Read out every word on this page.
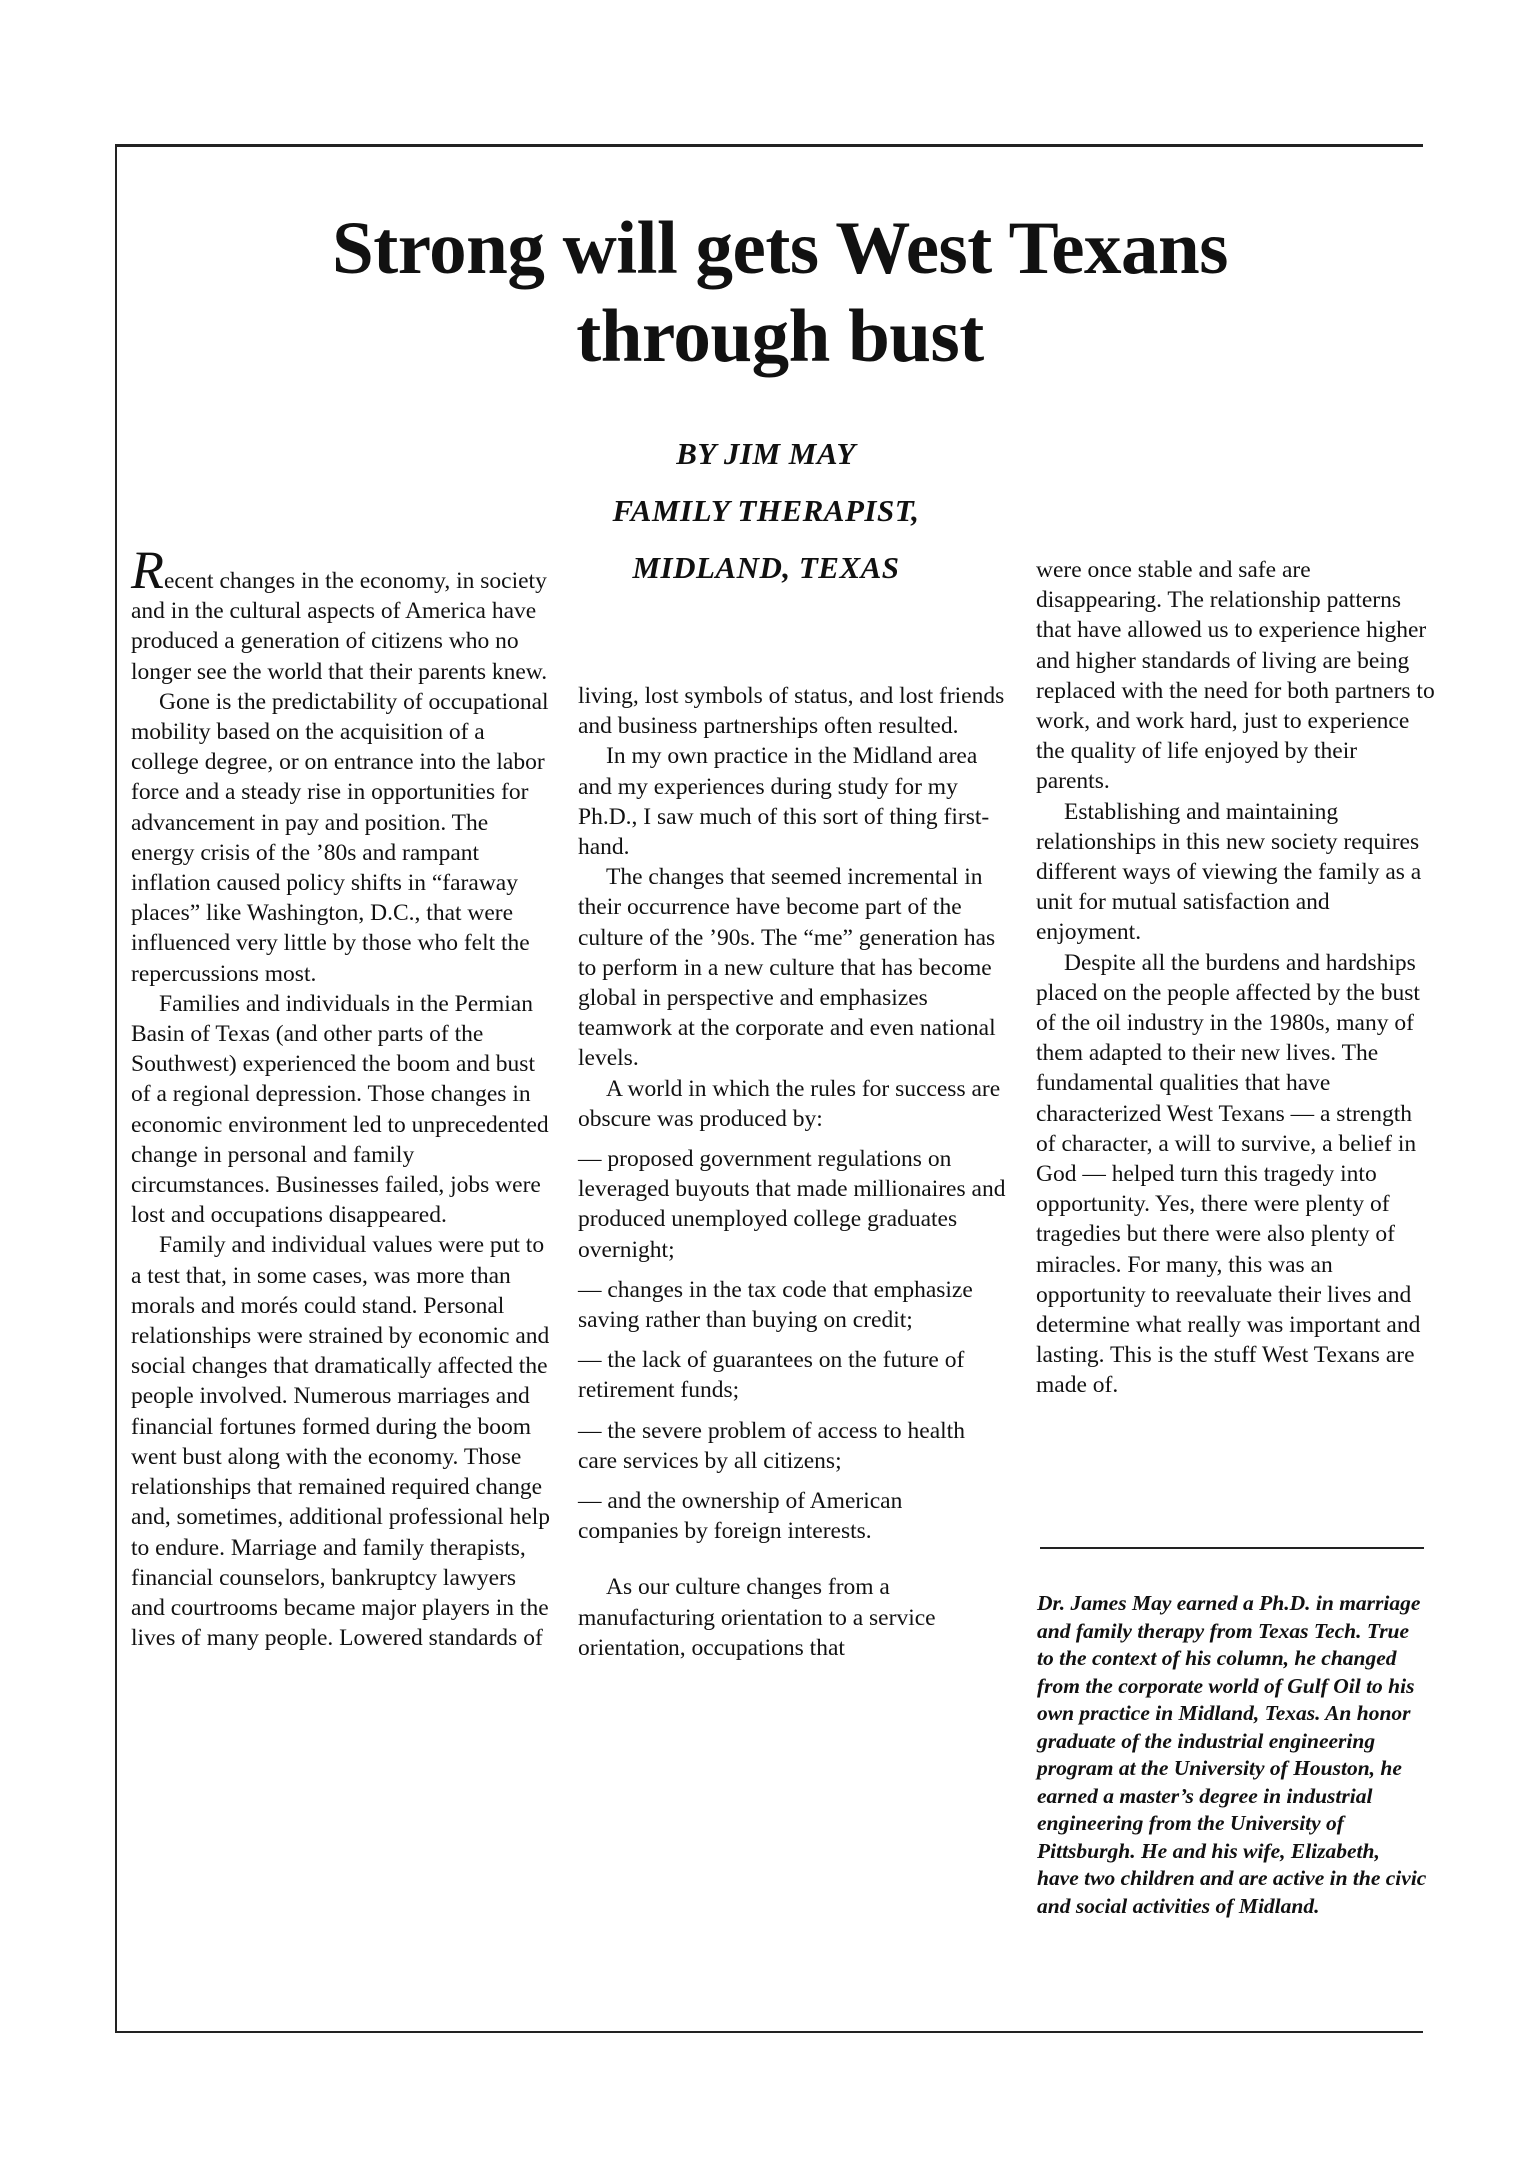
Strong will gets West Texans
through bust
BY JIM MAY
FAMILY THERAPIST,
MIDLAND, TEXAS

Recent changes in the economy, in society and in the cultural aspects of America have produced a generation of citizens who no longer see the world that their parents knew.

Gone is the predictability of occupational mobility based on the acquisition of a college degree, or on entrance into the labor force and a steady rise in opportunities for advancement in pay and position. The energy crisis of the ’80s and rampant inflation caused policy shifts in “faraway places” like Washington, D.C., that were influenced very little by those who felt the repercussions most.

Families and individuals in the Permian Basin of Texas (and other parts of the Southwest) experienced the boom and bust of a regional depression. Those changes in economic environment led to unprecedented change in personal and family circumstances. Businesses failed, jobs were lost and occupations disappeared.

Family and individual values were put to a test that, in some cases, was more than morals and morés could stand. Personal relationships were strained by economic and social changes that dramatically affected the people involved. Numerous marriages and financial fortunes formed during the boom went bust along with the economy. Those relationships that remained required change and, sometimes, additional professional help to endure. Marriage and family therapists, financial counselors, bankruptcy lawyers and courtrooms became major players in the lives of many people. Lowered standards of

living, lost symbols of status, and lost friends and business partnerships often resulted.

In my own practice in the Midland area and my experiences during study for my Ph.D., I saw much of this sort of thing first-hand.

The changes that seemed incremental in their occurrence have become part of the culture of the ’90s. The “me” generation has to perform in a new culture that has become global in perspective and emphasizes teamwork at the corporate and even national levels.

A world in which the rules for success are obscure was produced by:

— proposed government regulations on leveraged buyouts that made millionaires and produced unemployed college graduates overnight;

— changes in the tax code that emphasize saving rather than buying on credit;

— the lack of guarantees on the future of retirement funds;

— the severe problem of access to health care services by all citizens;

— and the ownership of American companies by foreign interests.

As our culture changes from a manufacturing orientation to a service orientation, occupations that

were once stable and safe are disappearing. The relationship patterns that have allowed us to experience higher and higher standards of living are being replaced with the need for both partners to work, and work hard, just to experience the quality of life enjoyed by their parents.

Establishing and maintaining relationships in this new society requires different ways of viewing the family as a unit for mutual satisfaction and enjoyment.

Despite all the burdens and hardships placed on the people affected by the bust of the oil industry in the 1980s, many of them adapted to their new lives. The fundamental qualities that have characterized West Texans — a strength of character, a will to survive, a belief in God — helped turn this tragedy into opportunity. Yes, there were plenty of tragedies but there were also plenty of miracles. For many, this was an opportunity to reevaluate their lives and determine what really was important and lasting. This is the stuff West Texans are made of.

Dr. James May earned a Ph.D. in marriage and family therapy from Texas Tech. True to the context of his column, he changed from the corporate world of Gulf Oil to his own practice in Midland, Texas. An honor graduate of the industrial engineering program at the University of Houston, he earned a master’s degree in industrial engineering from the University of Pittsburgh. He and his wife, Elizabeth, have two children and are active in the civic and social activities of Midland.
